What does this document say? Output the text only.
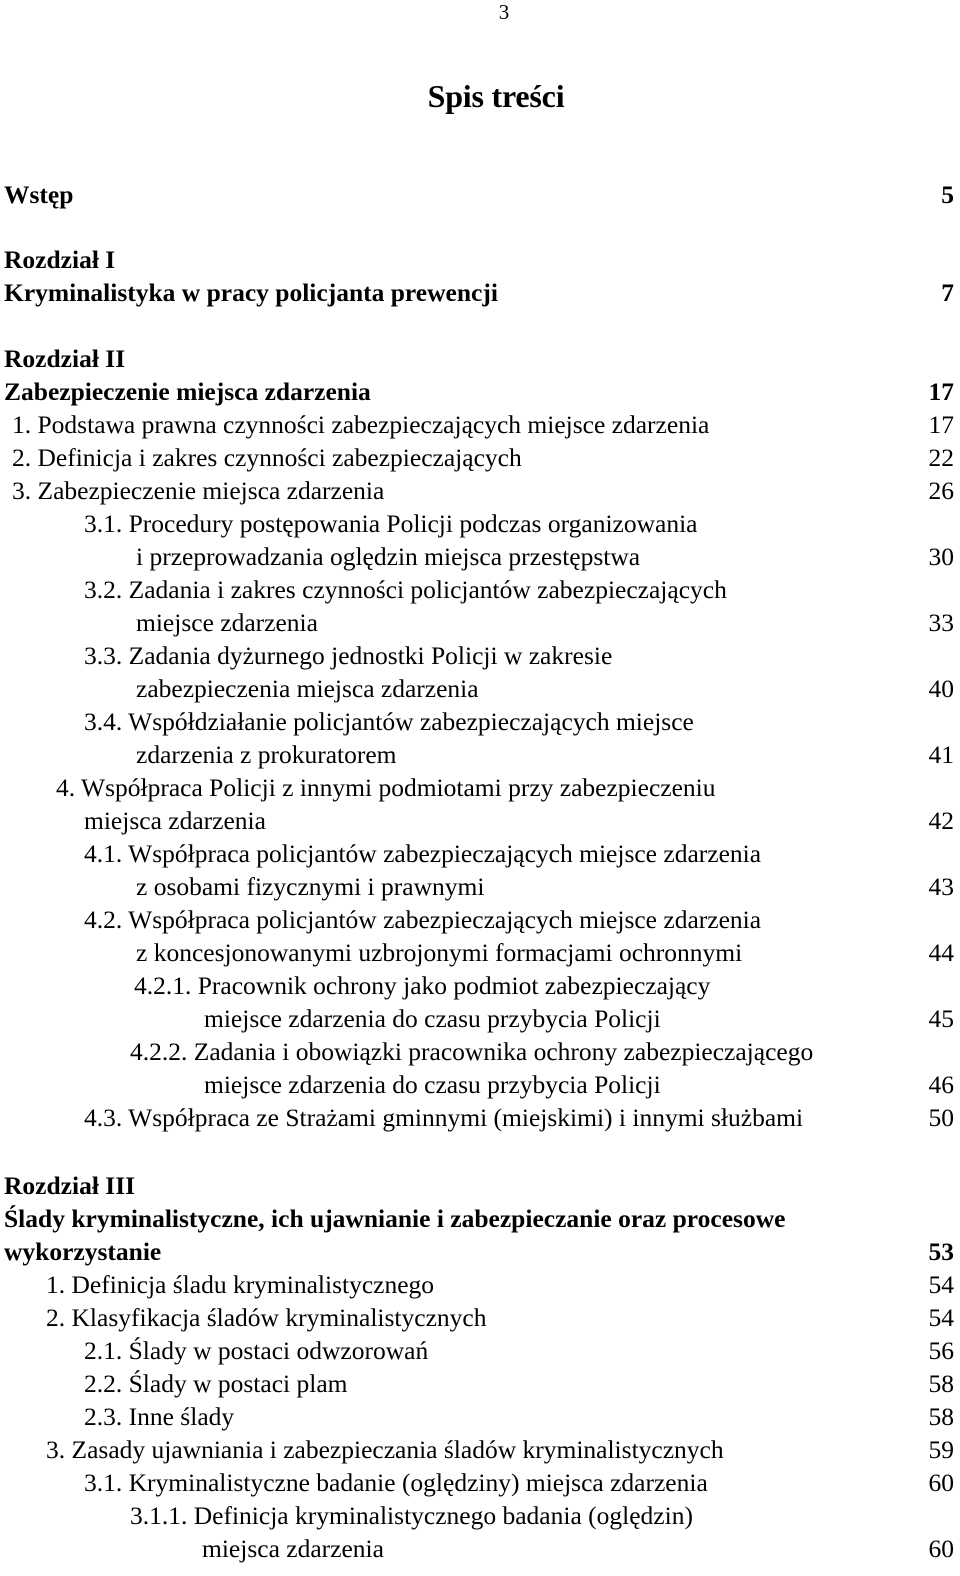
3
Spis treści
Wstęp	5
Rozdział I
Kryminalistyka w pracy policjanta prewencji	7
Rozdział II
Zabezpieczenie miejsca zdarzenia	17
1. Podstawa prawna czynności zabezpieczających miejsce zdarzenia	17
2. Definicja i zakres czynności zabezpieczających	22
3. Zabezpieczenie miejsca zdarzenia	26
3.1. Procedury postępowania Policji podczas organizowania
i przeprowadzania oględzin miejsca przestępstwa	30
3.2. Zadania i zakres czynności policjantów zabezpieczających
miejsce zdarzenia	33
3.3. Zadania dyżurnego jednostki Policji w zakresie
zabezpieczenia miejsca zdarzenia	40
3.4. Współdziałanie policjantów zabezpieczających miejsce
zdarzenia z prokuratorem	41
4. Współpraca Policji z innymi podmiotami przy zabezpieczeniu
miejsca zdarzenia	42
4.1. Współpraca policjantów zabezpieczających miejsce zdarzenia
z osobami fizycznymi i prawnymi	43
4.2. Współpraca policjantów zabezpieczających miejsce zdarzenia
z koncesjonowanymi uzbrojonymi formacjami ochronnymi	44
4.2.1. Pracownik ochrony jako podmiot zabezpieczający
miejsce zdarzenia do czasu przybycia Policji	45
4.2.2. Zadania i obowiązki pracownika ochrony zabezpieczającego
miejsce zdarzenia do czasu przybycia Policji	46
4.3. Współpraca ze Strażami gminnymi (miejskimi) i innymi służbami	50
Rozdział III
Ślady kryminalistyczne, ich ujawnianie i zabezpieczanie oraz procesowe
wykorzystanie	53
1. Definicja śladu kryminalistycznego	54
2. Klasyfikacja śladów kryminalistycznych	54
2.1. Ślady w postaci odwzorowań	56
2.2. Ślady w postaci plam	58
2.3. Inne ślady	58
3. Zasady ujawniania i zabezpieczania śladów kryminalistycznych	59
3.1. Kryminalistyczne badanie (oględziny) miejsca zdarzenia	60
3.1.1. Definicja kryminalistycznego badania (oględzin)
miejsca zdarzenia	60
